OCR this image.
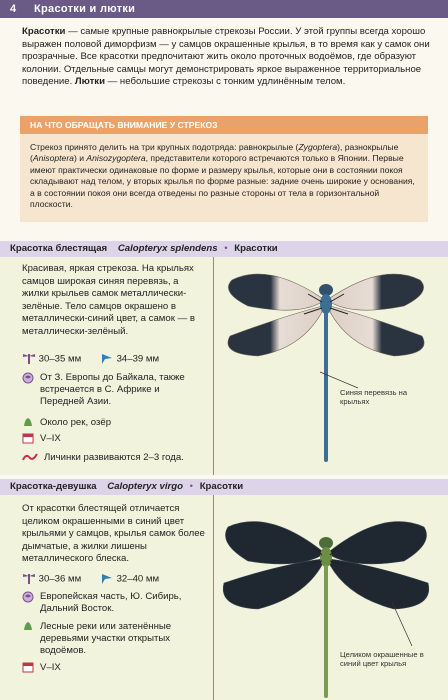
4 Красотки и лютки
Красотки — самые крупные равнокрылые стрекозы России. У этой группы всегда хорошо выражен половой диморфизм — у самцов окрашенные крылья, в то время как у самок они прозрачные. Все красотки предпочитают жить около проточных водоёмов, где образуют колонии. Отдельные самцы могут демонстрировать яркое выраженное территориальное поведение. Лютки — небольшие стрекозы с тонким удлинённым телом.
НА ЧТО ОБРАЩАТЬ ВНИМАНИЕ У СТРЕКОЗ
Стрекоз принято делить на три крупных подотряда: равнокрылые (Zygoptera), разнокрылые (Anisoptera) и Anisozygoptera, представители которого встречаются только в Японии. Первые имеют практически одинаковые по форме и размеру крылья, которые они в состоянии покоя складывают над телом, у вторых крылья по форме разные: задние очень широкие у основания, а в состоянии покоя они всегда отведены по разные стороны от тела в горизонтальной плоскости.
Красотка блестящая Calopteryx splendens • Красотки
Красивая, яркая стрекоза. На крыльях самцов широкая синяя перевязь, а жилки крыльев самок металлически-зелёные. Тело самцов окрашено в металлически-синий цвет, а самок — в металлически-зелёный.
30–35 мм	34–39 мм
От З. Европы до Байкала, также встречается в С. Африке и Передней Азии.
Около рек, озёр
V–IX
Личинки развиваются 2–3 года.
Синяя перевязь на крыльях
Красотка-девушка Calopteryx virgo • Красотки
От красотки блестящей отличается целиком окрашенными в синий цвет крыльями у самцов, крылья самок более дымчатые, а жилки лишены металлического блеска.
30–36 мм	32–40 мм
Европейская часть, Ю. Сибирь, Дальний Восток.
Лесные реки или затенённые деревьями участки открытых водоёмов.
V–IX
Целиком окрашенные в синий цвет крылья
